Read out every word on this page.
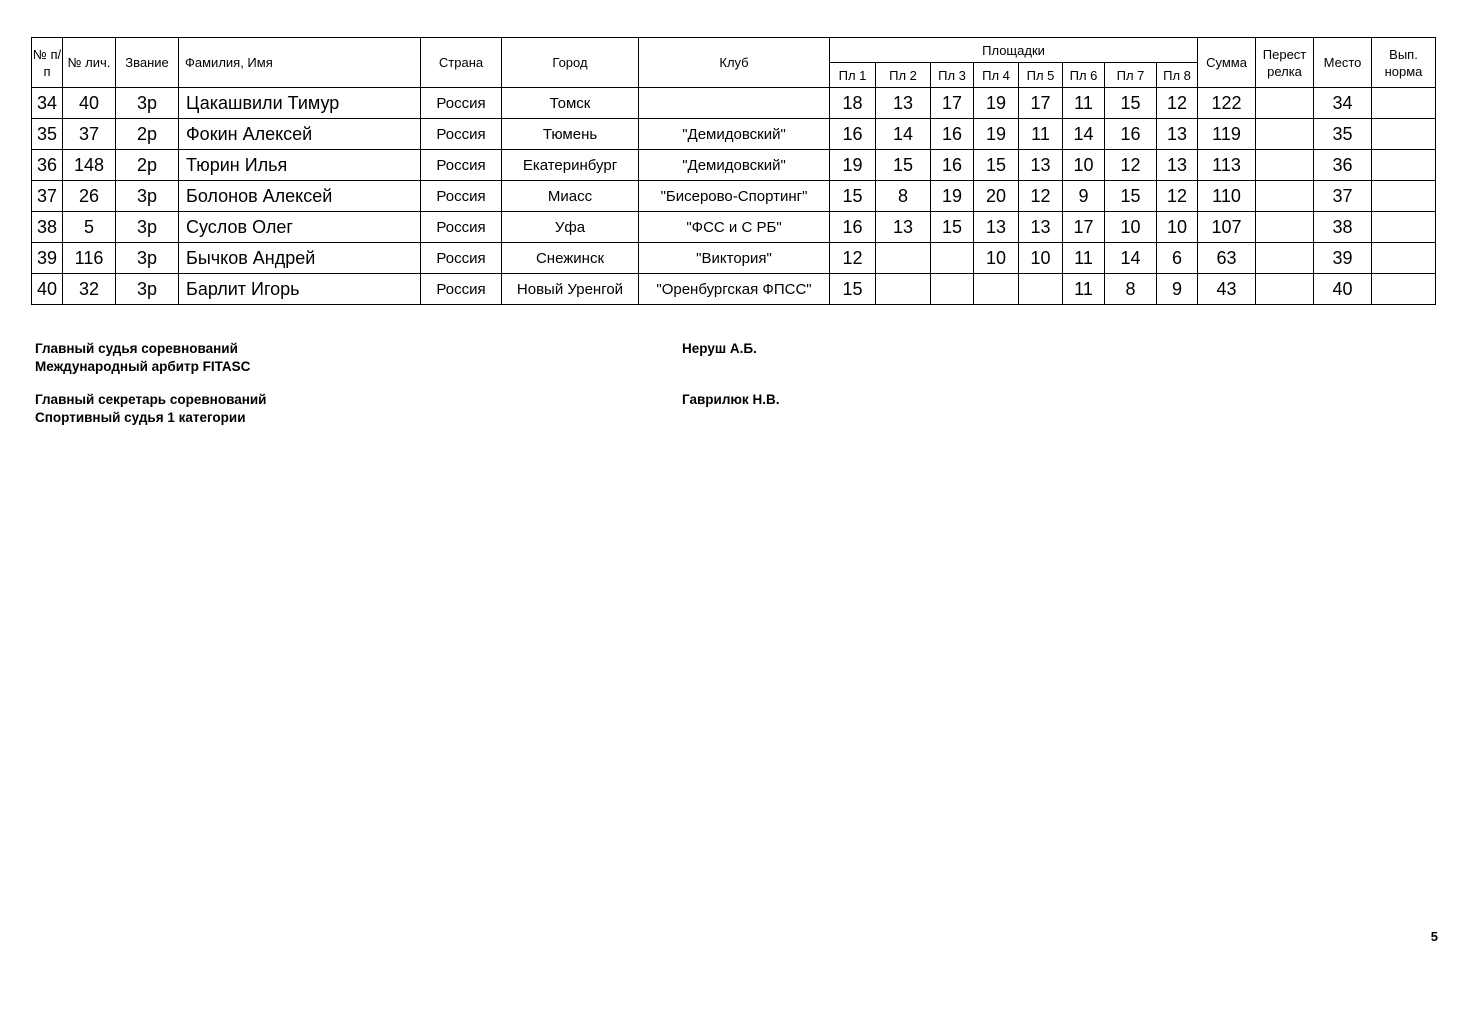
№ п/п	№ лич.	Звание	Фамилия, Имя	Страна	Город	Клуб	Площадки								Сумма	Перест релка	Место	Вып. норма
							Пл 1	Пл 2	Пл 3	Пл 4	Пл 5	Пл 6	Пл 7	Пл 8				
34	40	3р	Цакашвили Тимур	Россия	Томск		18	13	17	19	17	11	15	12	122		34	
35	37	2р	Фокин Алексей	Россия	Тюмень	"Демидовский"	16	14	16	19	11	14	16	13	119		35	
36	148	2р	Тюрин Илья	Россия	Екатеринбург	"Демидовский"	19	15	16	15	13	10	12	13	113		36	
37	26	3р	Болонов Алексей	Россия	Миасс	"Бисерово-Спортинг"	15	8	19	20	12	9	15	12	110		37	
38	5	3р	Суслов Олег	Россия	Уфа	"ФСС и С РБ"	16	13	15	13	13	17	10	10	107		38	
39	116	3р	Бычков Андрей	Россия	Снежинск	"Виктория"	12			10	10	11	14	6	63		39	
40	32	3р	Барлит Игорь	Россия	Новый Уренгой	"Оренбургская ФПСС"	15					11	8	9	43		40	
Главный судья соревнований
Международный арбитр FITASC
Неруш А.Б.
Главный секретарь соревнований
Спортивный судья 1 категории
Гаврилюк Н.В.
5
